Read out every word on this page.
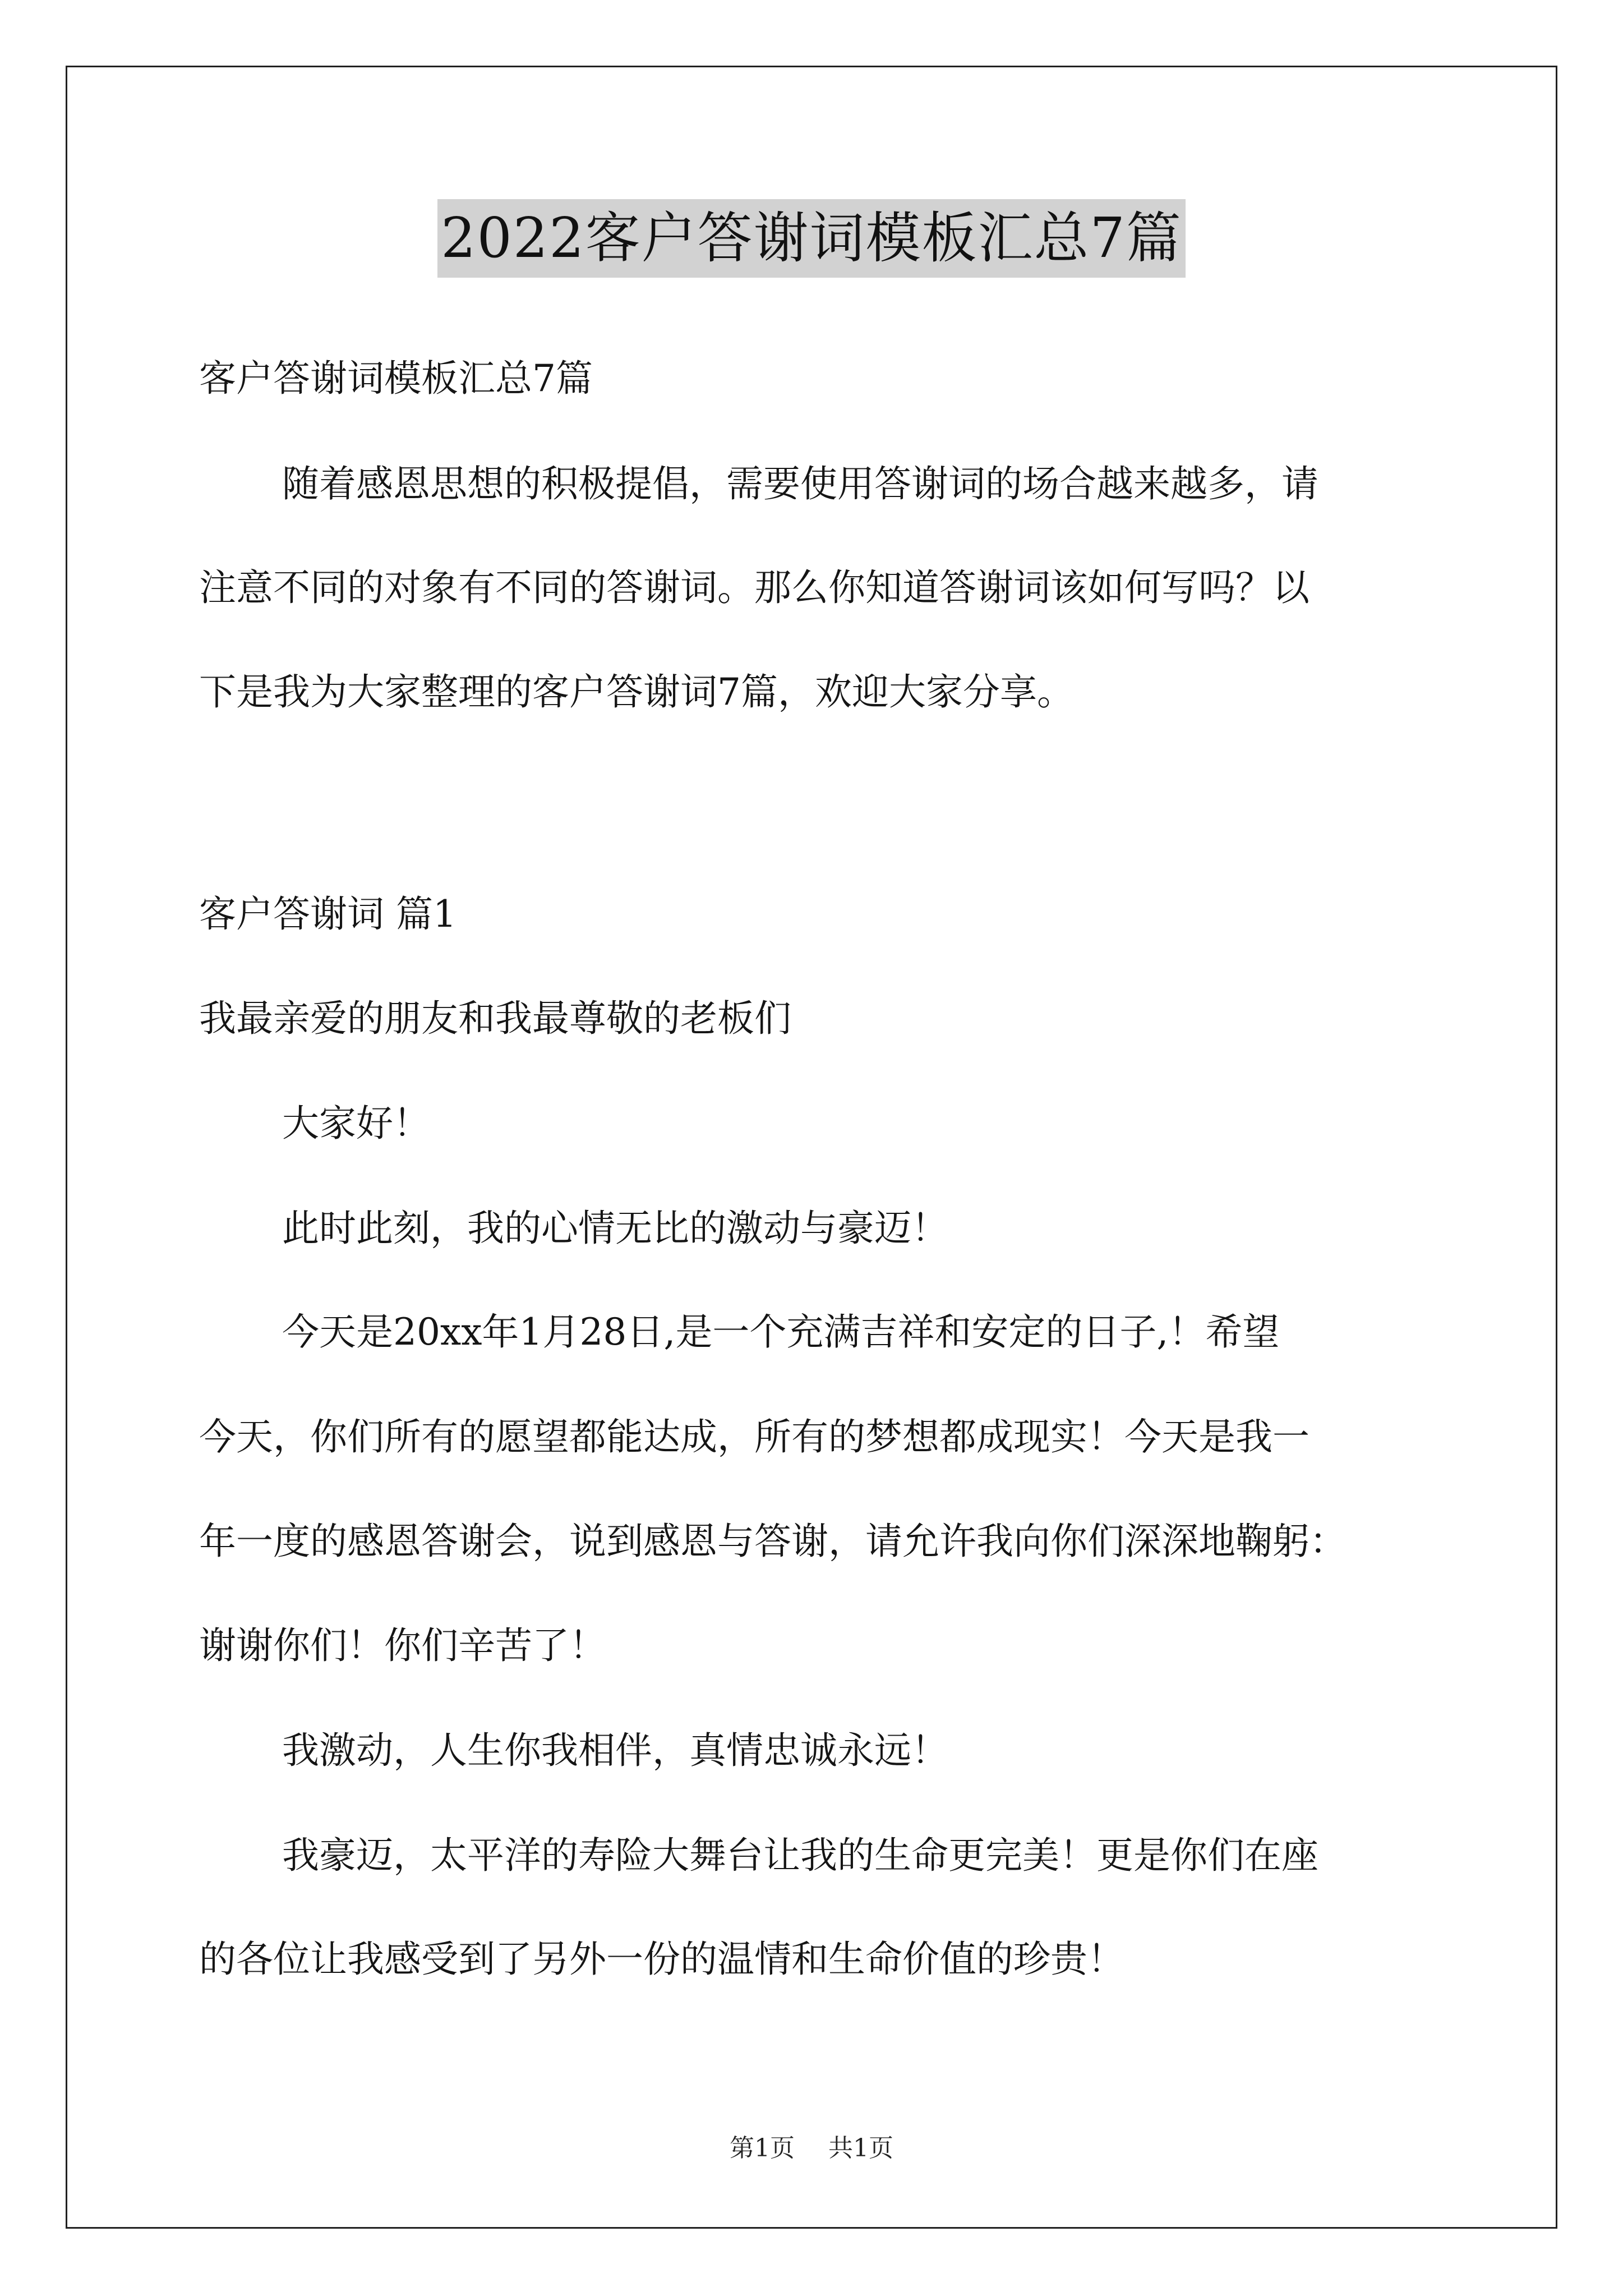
2022客户答谢词模板汇总7篇
客户答谢词模板汇总7篇
随着感恩思想的积极提倡，需要使用答谢词的场合越来越多，请
注意不同的对象有不同的答谢词。那么你知道答谢词该如何写吗？以
下是我为大家整理的客户答谢词7篇，欢迎大家分享。
客户答谢词 篇1
我最亲爱的朋友和我最尊敬的老板们
大家好！
此时此刻，我的心情无比的激动与豪迈！
今天是20xx年1月28日,是一个充满吉祥和安定的日子,！希望
今天，你们所有的愿望都能达成，所有的梦想都成现实！今天是我一
年一度的感恩答谢会，说到感恩与答谢，请允许我向你们深深地鞠躬：
谢谢你们！你们辛苦了！
我激动，人生你我相伴，真情忠诚永远！
我豪迈，太平洋的寿险大舞台让我的生命更完美！更是你们在座
的各位让我感受到了另外一份的温情和生命价值的珍贵！
第1页 共1页
